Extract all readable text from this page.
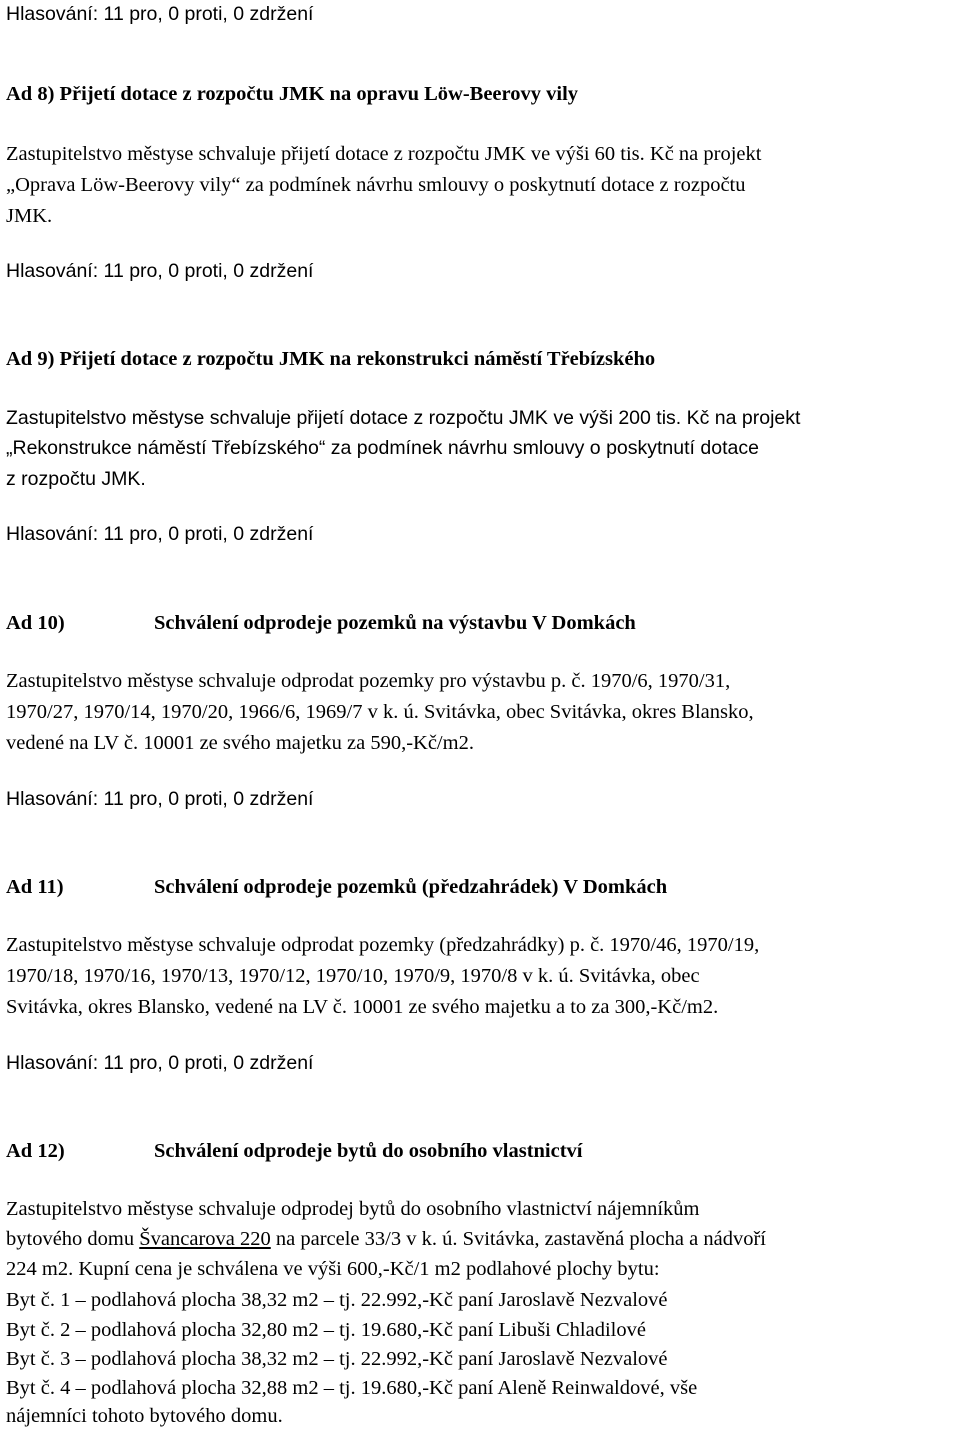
Hlasování: 11 pro, 0 proti, 0 zdržení
Ad 8) Přijetí dotace z rozpočtu JMK na opravu Löw-Beerovy vily
Zastupitelstvo městyse schvaluje přijetí dotace z rozpočtu JMK ve výši 60 tis. Kč na projekt
„Oprava Löw-Beerovy vily“ za podmínek návrhu smlouvy o poskytnutí dotace z rozpočtu
JMK.
Hlasování: 11 pro, 0 proti, 0 zdržení
Ad 9) Přijetí dotace z rozpočtu JMK na rekonstrukci náměstí Třebízského
Zastupitelstvo městyse schvaluje přijetí dotace z rozpočtu JMK ve výši 200 tis. Kč na projekt
„Rekonstrukce náměstí Třebízského“ za podmínek návrhu smlouvy o poskytnutí dotace
z rozpočtu JMK.
Hlasování: 11 pro, 0 proti, 0 zdržení
Ad 10)	Schválení odprodeje pozemků na výstavbu V Domkách
Zastupitelstvo městyse schvaluje odprodat pozemky pro výstavbu p. č. 1970/6, 1970/31,
1970/27, 1970/14, 1970/20, 1966/6, 1969/7 v k. ú. Svitávka, obec Svitávka, okres Blansko,
vedené na LV č. 10001 ze svého majetku za 590,-Kč/m2.
Hlasování: 11 pro, 0 proti, 0 zdržení
Ad 11)	Schválení odprodeje pozemků (předzahrádek) V Domkách
Zastupitelstvo městyse schvaluje odprodat pozemky (předzahrádky) p. č. 1970/46, 1970/19,
1970/18, 1970/16, 1970/13, 1970/12, 1970/10, 1970/9, 1970/8 v k. ú. Svitávka, obec
Svitávka, okres Blansko, vedené na LV č. 10001 ze svého majetku a to za 300,-Kč/m2.
Hlasování: 11 pro, 0 proti, 0 zdržení
Ad 12)	Schválení odprodeje bytů do osobního vlastnictví
Zastupitelstvo městyse schvaluje odprodej bytů do osobního vlastnictví nájemníkům
bytového domu Švancarova 220 na parcele 33/3 v k. ú. Svitávka, zastavěná plocha a nádvoří
224 m2. Kupní cena je schválena ve výši 600,-Kč/1 m2 podlahové plochy bytu:
Byt č. 1 – podlahová plocha 38,32 m2 – tj. 22.992,-Kč paní Jaroslavě Nezvalové
Byt č. 2 – podlahová plocha 32,80 m2 – tj. 19.680,-Kč paní Libuši Chladilové
Byt č. 3 – podlahová plocha 38,32 m2 – tj. 22.992,-Kč paní Jaroslavě Nezvalové
Byt č. 4 – podlahová plocha 32,88 m2 – tj. 19.680,-Kč paní Aleně Reinwaldové, vše
nájemníci tohoto bytového domu.
